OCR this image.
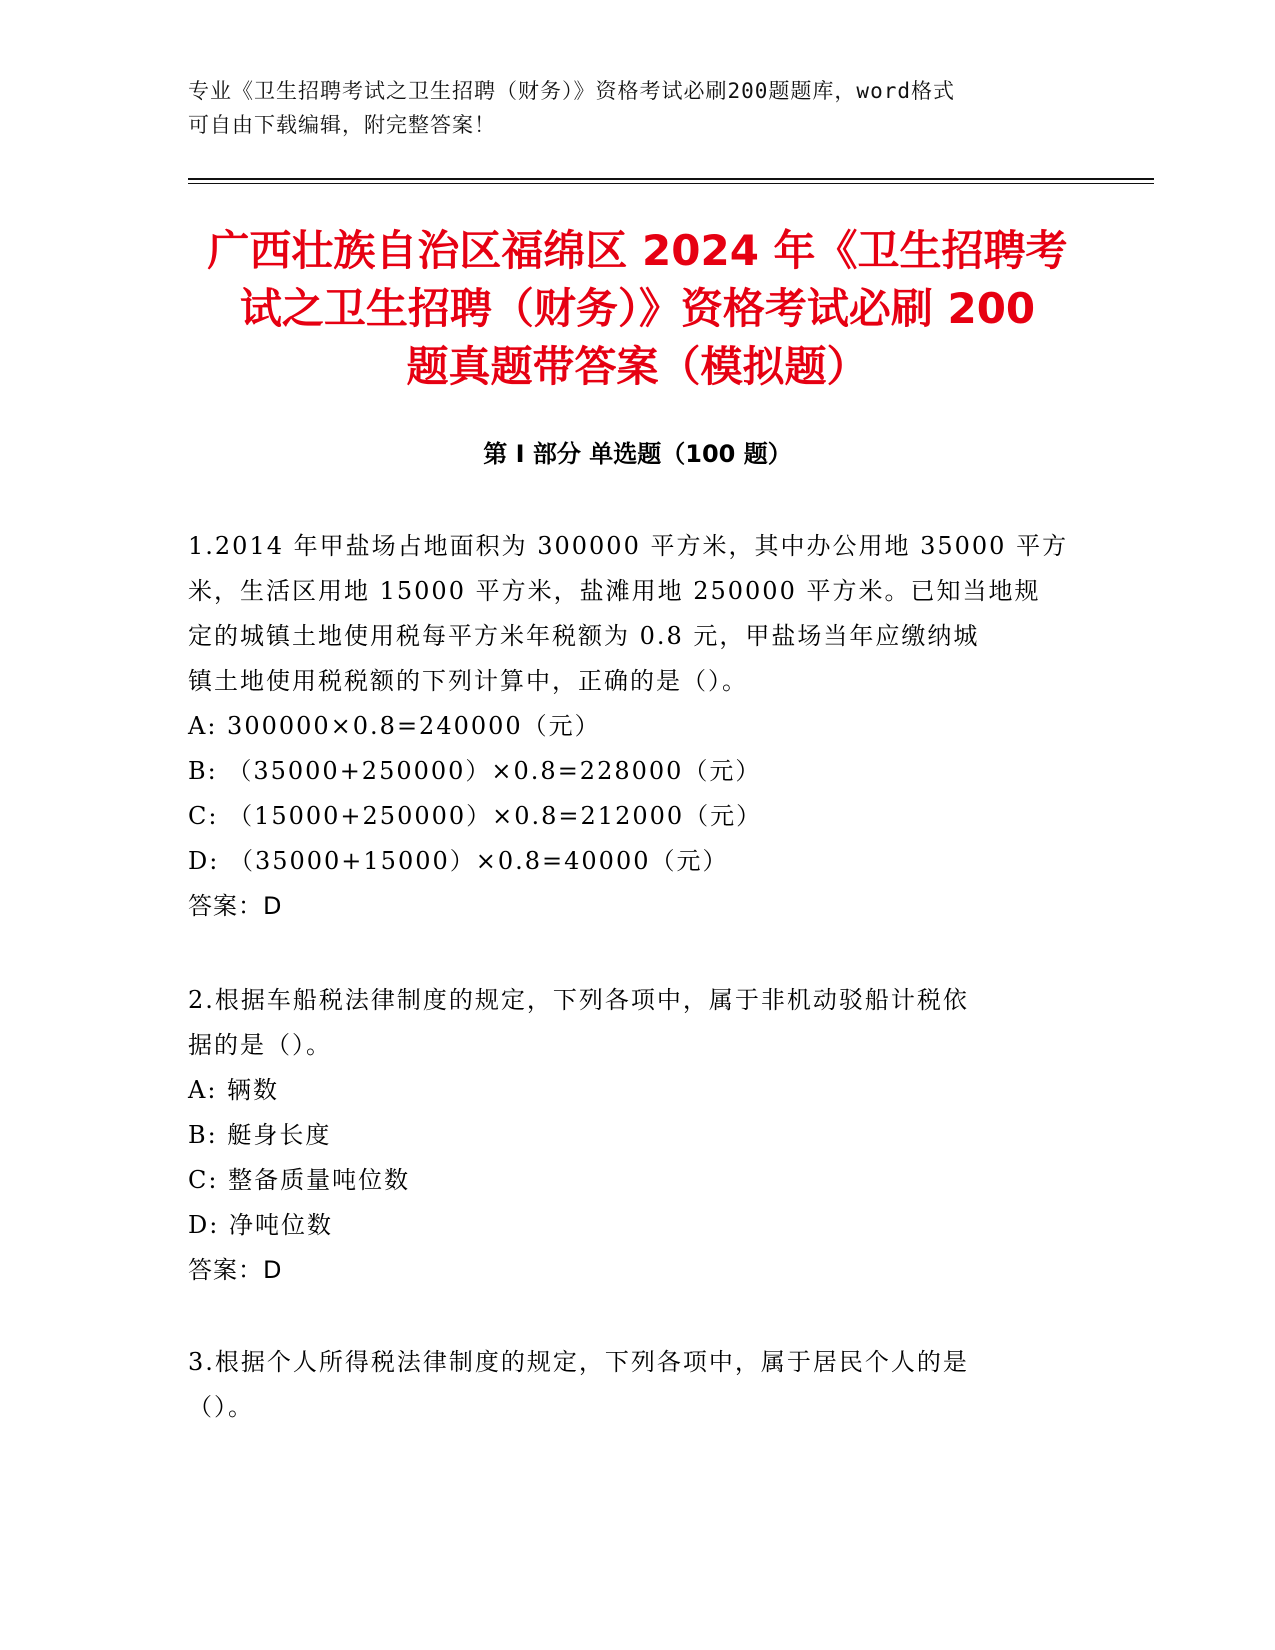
专业《卫生招聘考试之卫生招聘（财务）》资格考试必刷200题题库，word格式
可自由下载编辑，附完整答案！
广西壮族自治区福绵区 2024 年《卫生招聘考
试之卫生招聘（财务）》资格考试必刷 200
题真题带答案（模拟题）
第 I 部分 单选题（100 题）

1.2014 年甲盐场占地面积为 300000 平方米，其中办公用地 35000 平方
米，生活区用地 15000 平方米，盐滩用地 250000 平方米。已知当地规
定的城镇土地使用税每平方米年税额为 0.8 元，甲盐场当年应缴纳城
镇土地使用税税额的下列计算中，正确的是（）。

A: 300000×0.8=240000（元）

B: （35000+250000）×0.8=228000（元）

C: （15000+250000）×0.8=212000（元）

D: （35000+15000）×0.8=40000（元）

答案：D

2.根据车船税法律制度的规定，下列各项中，属于非机动驳船计税依
据的是（）。

A: 辆数

B: 艇身长度

C: 整备质量吨位数

D: 净吨位数

答案：D

3.根据个人所得税法律制度的规定，下列各项中，属于居民个人的是
（）。
